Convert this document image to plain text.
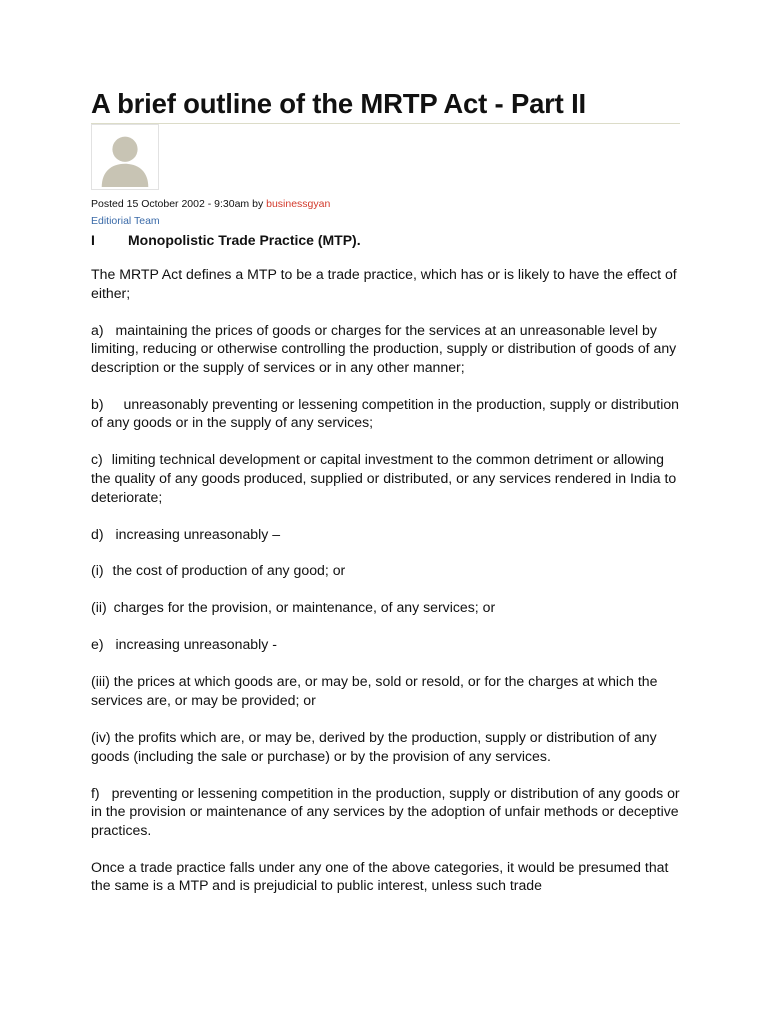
A brief outline of the MRTP Act - Part II
Posted 15 October 2002 - 9:30am by businessgyan
Editiorial Team
I Monopolistic Trade Practice (MTP).

The MRTP Act defines a MTP to be a trade practice, which has or is likely to have the effect of either;

a) maintaining the prices of goods or charges for the services at an unreasonable level by limiting, reducing or otherwise controlling the production, supply or distribution of goods of any description or the supply of services or in any other manner;

b) unreasonably preventing or lessening competition in the production, supply or distribution of any goods or in the supply of any services;

c) limiting technical development or capital investment to the common detriment or allowing the quality of any goods produced, supplied or distributed, or any services rendered in India to deteriorate;

d) increasing unreasonably –

(i) the cost of production of any good; or

(ii) charges for the provision, or maintenance, of any services; or

e) increasing unreasonably -

(iii) the prices at which goods are, or may be, sold or resold, or for the charges at which the services are, or may be provided; or

(iv) the profits which are, or may be, derived by the production, supply or distribution of any goods (including the sale or purchase) or by the provision of any services.

f) preventing or lessening competition in the production, supply or distribution of any goods or in the provision or maintenance of any services by the adoption of unfair methods or deceptive practices.

Once a trade practice falls under any one of the above categories, it would be presumed that the same is a MTP and is prejudicial to public interest, unless such trade
